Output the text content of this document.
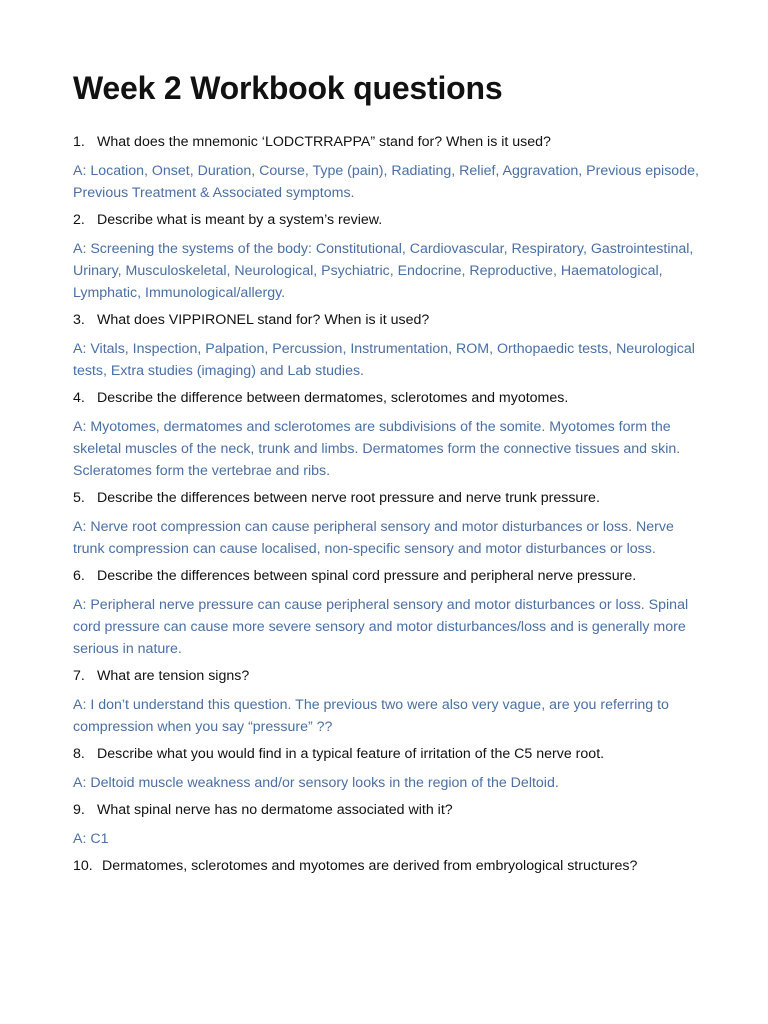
Week 2 Workbook questions
1. What does the mnemonic ‘LODCTRRAPPA” stand for? When is it used?
A: Location, Onset, Duration, Course, Type (pain), Radiating, Relief, Aggravation, Previous episode, Previous Treatment & Associated symptoms.
2. Describe what is meant by a system’s review.
A: Screening the systems of the body: Constitutional, Cardiovascular, Respiratory, Gastrointestinal, Urinary, Musculoskeletal, Neurological, Psychiatric, Endocrine, Reproductive, Haematological, Lymphatic, Immunological/allergy.
3. What does VIPPIRONEL stand for? When is it used?
A: Vitals, Inspection, Palpation, Percussion, Instrumentation, ROM, Orthopaedic tests, Neurological tests, Extra studies (imaging) and Lab studies.
4. Describe the difference between dermatomes, sclerotomes and myotomes.
A: Myotomes, dermatomes and sclerotomes are subdivisions of the somite. Myotomes form the skeletal muscles of the neck, trunk and limbs. Dermatomes form the connective tissues and skin. Scleratomes form the vertebrae and ribs.
5. Describe the differences between nerve root pressure and nerve trunk pressure.
A: Nerve root compression can cause peripheral sensory and motor disturbances or loss. Nerve trunk compression can cause localised, non-specific sensory and motor disturbances or loss.
6. Describe the differences between spinal cord pressure and peripheral nerve pressure.
A: Peripheral nerve pressure can cause peripheral sensory and motor disturbances or loss. Spinal cord pressure can cause more severe sensory and motor disturbances/loss and is generally more serious in nature.
7. What are tension signs?
A: I don’t understand this question. The previous two were also very vague, are you referring to compression when you say “pressure” ??
8. Describe what you would find in a typical feature of irritation of the C5 nerve root.
A: Deltoid muscle weakness and/or sensory looks in the region of the Deltoid.
9. What spinal nerve has no dermatome associated with it?
A: C1
10. Dermatomes, sclerotomes and myotomes are derived from embryological structures?
